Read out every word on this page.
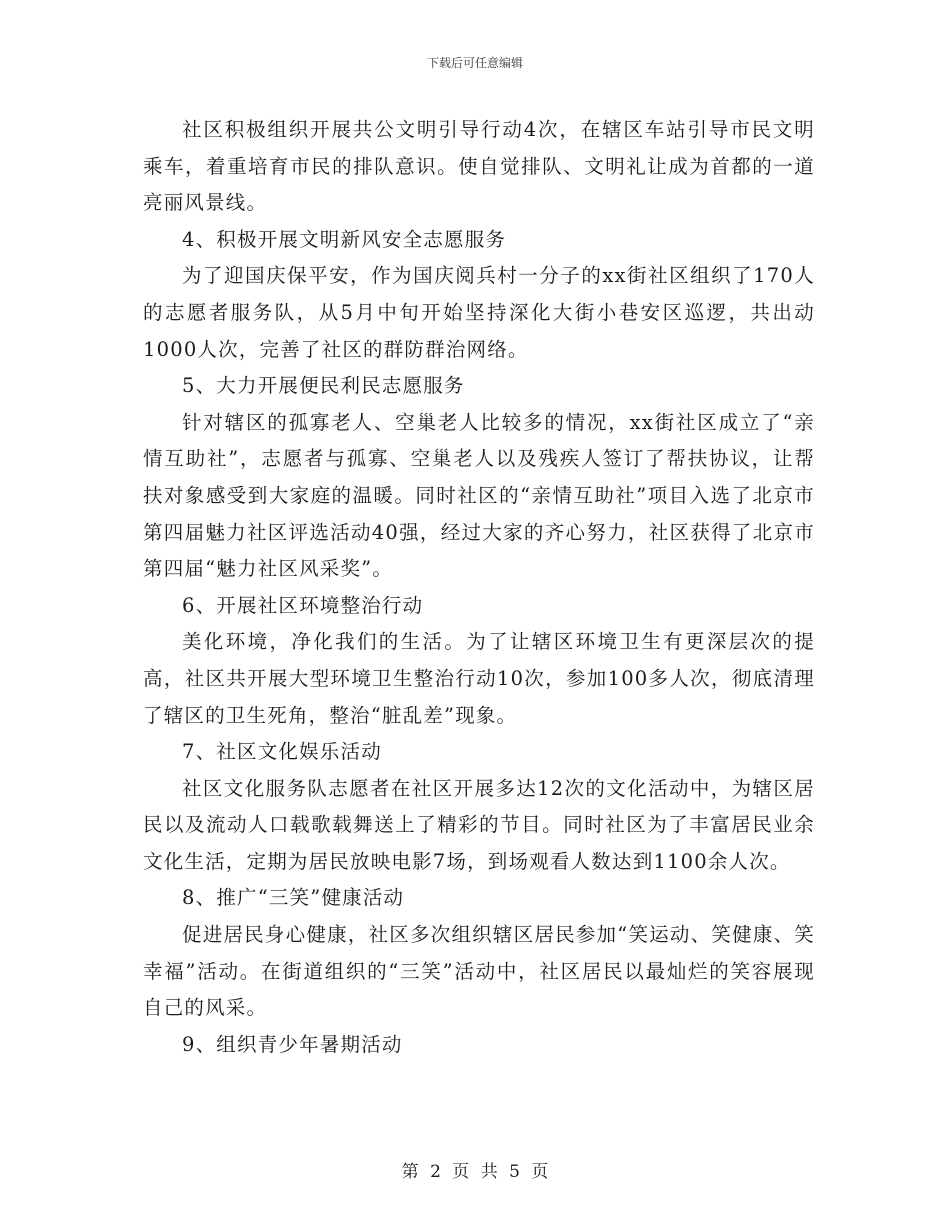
下载后可任意编辑

社区积极组织开展共公文明引导行动4次，在辖区车站引导市民文明乘车，着重培育市民的排队意识。使自觉排队、文明礼让成为首都的一道亮丽风景线。

4、积极开展文明新风安全志愿服务

为了迎国庆保平安，作为国庆阅兵村一分子的xx街社区组织了170人的志愿者服务队，从5月中旬开始坚持深化大街小巷安区巡逻，共出动1000人次，完善了社区的群防群治网络。

5、大力开展便民利民志愿服务

针对辖区的孤寡老人、空巢老人比较多的情况，xx街社区成立了“亲情互助社”，志愿者与孤寡、空巢老人以及残疾人签订了帮扶协议，让帮扶对象感受到大家庭的温暖。同时社区的“亲情互助社”项目入选了北京市第四届魅力社区评选活动40强，经过大家的齐心努力，社区获得了北京市第四届“魅力社区风采奖”。

6、开展社区环境整治行动

美化环境，净化我们的生活。为了让辖区环境卫生有更深层次的提高，社区共开展大型环境卫生整治行动10次，参加100多人次，彻底清理了辖区的卫生死角，整治“脏乱差”现象。

7、社区文化娱乐活动

社区文化服务队志愿者在社区开展多达12次的文化活动中，为辖区居民以及流动人口载歌载舞送上了精彩的节目。同时社区为了丰富居民业余文化生活，定期为居民放映电影7场，到场观看人数达到1100余人次。

8、推广“三笑”健康活动

促进居民身心健康，社区多次组织辖区居民参加“笑运动、笑健康、笑幸福”活动。在街道组织的“三笑”活动中，社区居民以最灿烂的笑容展现自己的风采。

9、组织青少年暑期活动

第 2 页 共 5 页
